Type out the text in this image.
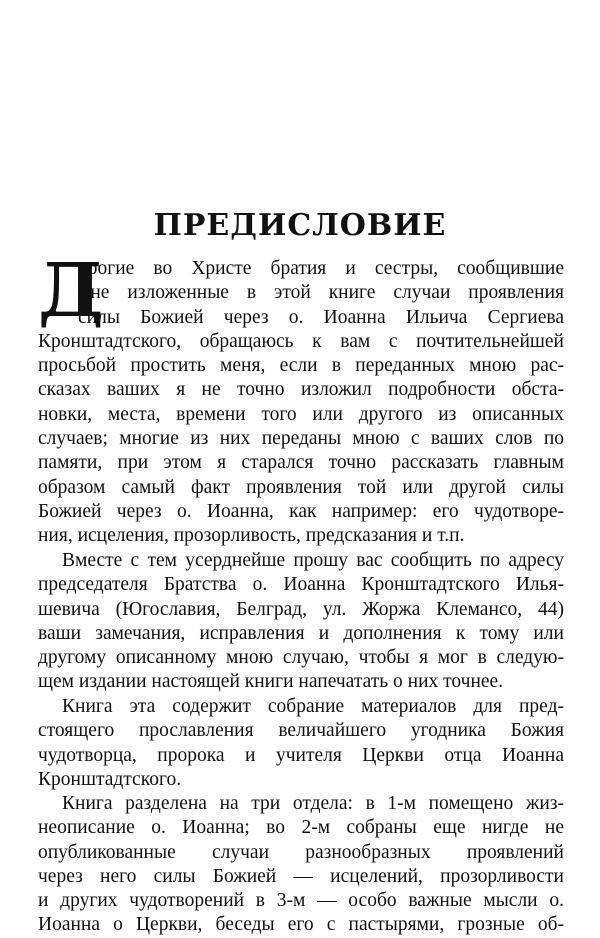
ПРЕДИСЛОВИЕ
Д
орогие во Христе братия и сестры, сообщившие
мне изложенные в этой книге случаи проявления
силы Божией через о. Иоанна Ильича Сергиева
Кронштадтского, обращаюсь к вам с почтительнейшей
просьбой простить меня, если в переданных мною рас-
сказах ваших я не точно изложил подробности обста-
новки, места, времени того или другого из описанных
случаев; многие из них переданы мною с ваших слов по
памяти, при этом я старался точно рассказать главным
образом самый факт проявления той или другой силы
Божией через о. Иоанна, как например: его чудотворе-
ния, исцеления, прозорливость, предсказания и т.п.
Вместе с тем усерднейше прошу вас сообщить по адресу
председателя Братства о. Иоанна Кронштадтского Илья-
шевича (Югославия, Белград, ул. Жоржа Клемансо, 44)
ваши замечания, исправления и дополнения к тому или
другому описанному мною случаю, чтобы я мог в следую-
щем издании настоящей книги напечатать о них точнее.
Книга эта содержит собрание материалов для пред-
стоящего прославления величайшего угодника Божия
чудотворца, пророка и учителя Церкви отца Иоанна
Кронштадтского.
Книга разделена на три отдела: в 1-м помещено жиз-
неописание о. Иоанна; во 2-м собраны еще нигде не
опубликованные случаи разнообразных проявлений
через него силы Божией — исцелений, прозорливости
и других чудотворений в 3-м — особо важные мысли о.
Иоанна о Церкви, беседы его с пастырями, грозные об-
